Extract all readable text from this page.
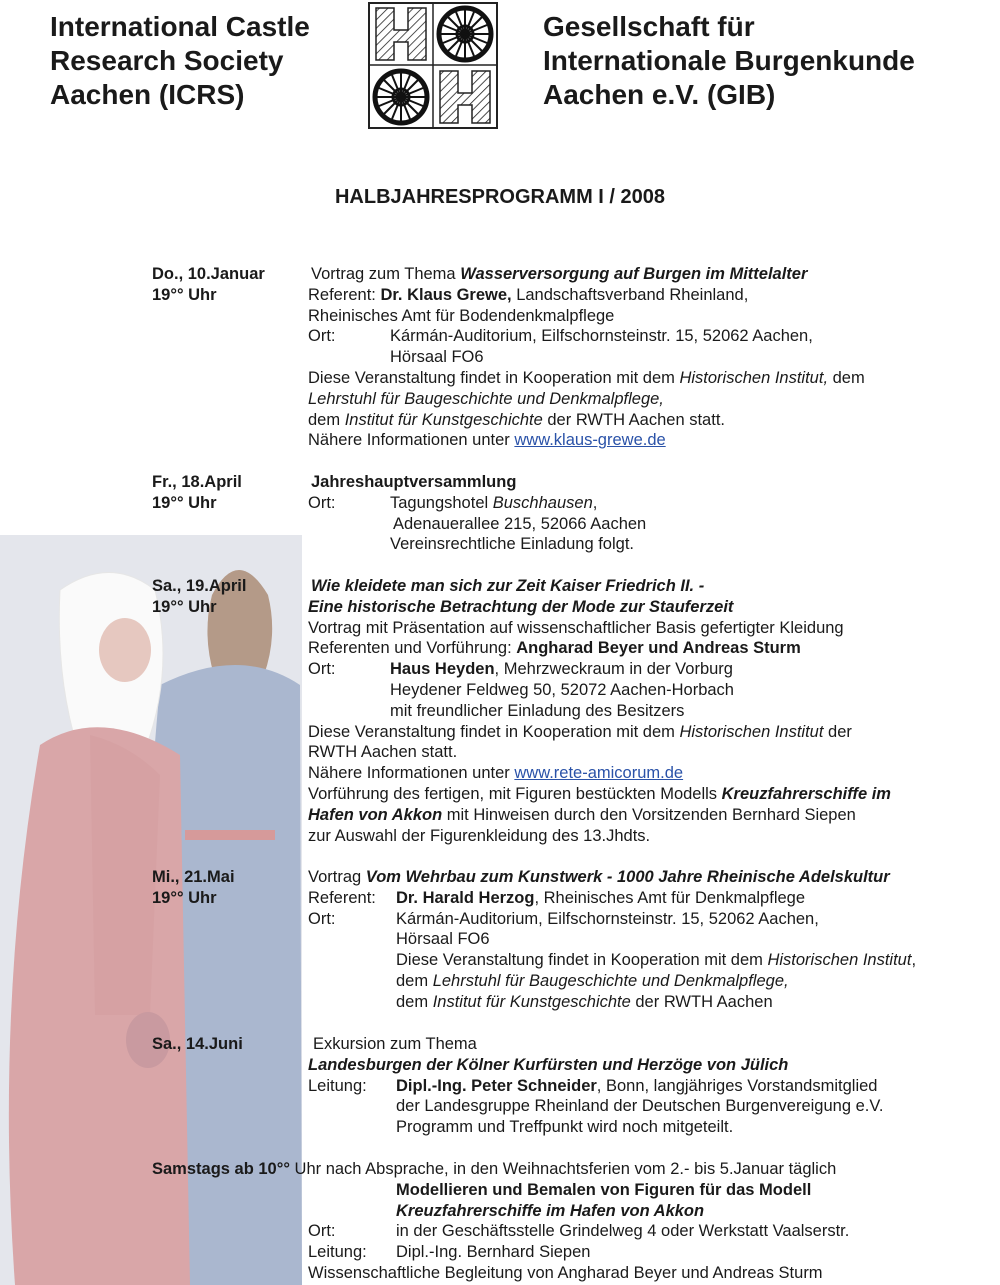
International Castle
Research Society
Aachen (ICRS)
Gesellschaft für
Internationale Burgenkunde
Aachen e.V. (GIB)
HALBJAHRESPROGRAMM I / 2008
Do., 10.Januar
19°° Uhr
Vortrag zum Thema Wasserversorgung auf Burgen im Mittelalter
Referent: Dr. Klaus Grewe, Landschaftsverband Rheinland,
Rheinisches Amt für Bodendenkmalpflege
Ort:	Kármán-Auditorium, Eilfschornsteinstr. 15, 52062 Aachen,
Hörsaal FO6
Diese Veranstaltung findet in Kooperation mit dem Historischen Institut, dem
Lehrstuhl für Baugeschichte und Denkmalpflege,
dem Institut für Kunstgeschichte der RWTH Aachen statt.
Nähere Informationen unter www.klaus-grewe.de
Fr., 18.April
19°° Uhr
Jahreshauptversammlung
Ort:	Tagungshotel Buschhausen,
Adenauerallee 215, 52066 Aachen
Vereinsrechtliche Einladung folgt.
Sa., 19.April
19°° Uhr
Wie kleidete man sich zur Zeit Kaiser Friedrich II. -
Eine historische Betrachtung der Mode zur Stauferzeit
Vortrag mit Präsentation auf wissenschaftlicher Basis gefertigter Kleidung
Referenten und Vorführung: Angharad Beyer und Andreas Sturm
Ort:	Haus Heyden, Mehrzweckraum in der Vorburg
Heydener Feldweg 50, 52072 Aachen-Horbach
mit freundlicher Einladung des Besitzers
Diese Veranstaltung findet in Kooperation mit dem Historischen Institut der
RWTH Aachen statt.
Nähere Informationen unter www.rete-amicorum.de
Vorführung des fertigen, mit Figuren bestückten Modells Kreuzfahrerschiffe im
Hafen von Akkon mit Hinweisen durch den Vorsitzenden Bernhard Siepen
zur Auswahl der Figurenkleidung des 13.Jhdts.
Mi., 21.Mai
19°° Uhr
Vortrag Vom Wehrbau zum Kunstwerk - 1000 Jahre Rheinische Adelskultur
Referent: Dr. Harald Herzog, Rheinisches Amt für Denkmalpflege
Ort:	Kármán-Auditorium, Eilfschornsteinstr. 15, 52062 Aachen,
Hörsaal FO6
Diese Veranstaltung findet in Kooperation mit dem Historischen Institut,
dem Lehrstuhl für Baugeschichte und Denkmalpflege,
dem Institut für Kunstgeschichte der RWTH Aachen
Sa., 14.Juni	Exkursion zum Thema
Landesburgen der Kölner Kurfürsten und Herzöge von Jülich
Leitung: Dipl.-Ing. Peter Schneider, Bonn, langjähriges Vorstandsmitglied
der Landesgruppe Rheinland der Deutschen Burgenvereigung e.V.
Programm und Treffpunkt wird noch mitgeteilt.
Samstags ab 10°° Uhr nach Absprache, in den Weihnachtsferien vom 2.- bis 5.Januar täglich
Modellieren und Bemalen von Figuren für das Modell
Kreuzfahrerschiffe im Hafen von Akkon
Ort:	in der Geschäftsstelle Grindelweg 4 oder Werkstatt Vaalserstr.
Leitung: Dipl.-Ing. Bernhard Siepen
Wissenschaftliche Begleitung von Angharad Beyer und Andreas Sturm
